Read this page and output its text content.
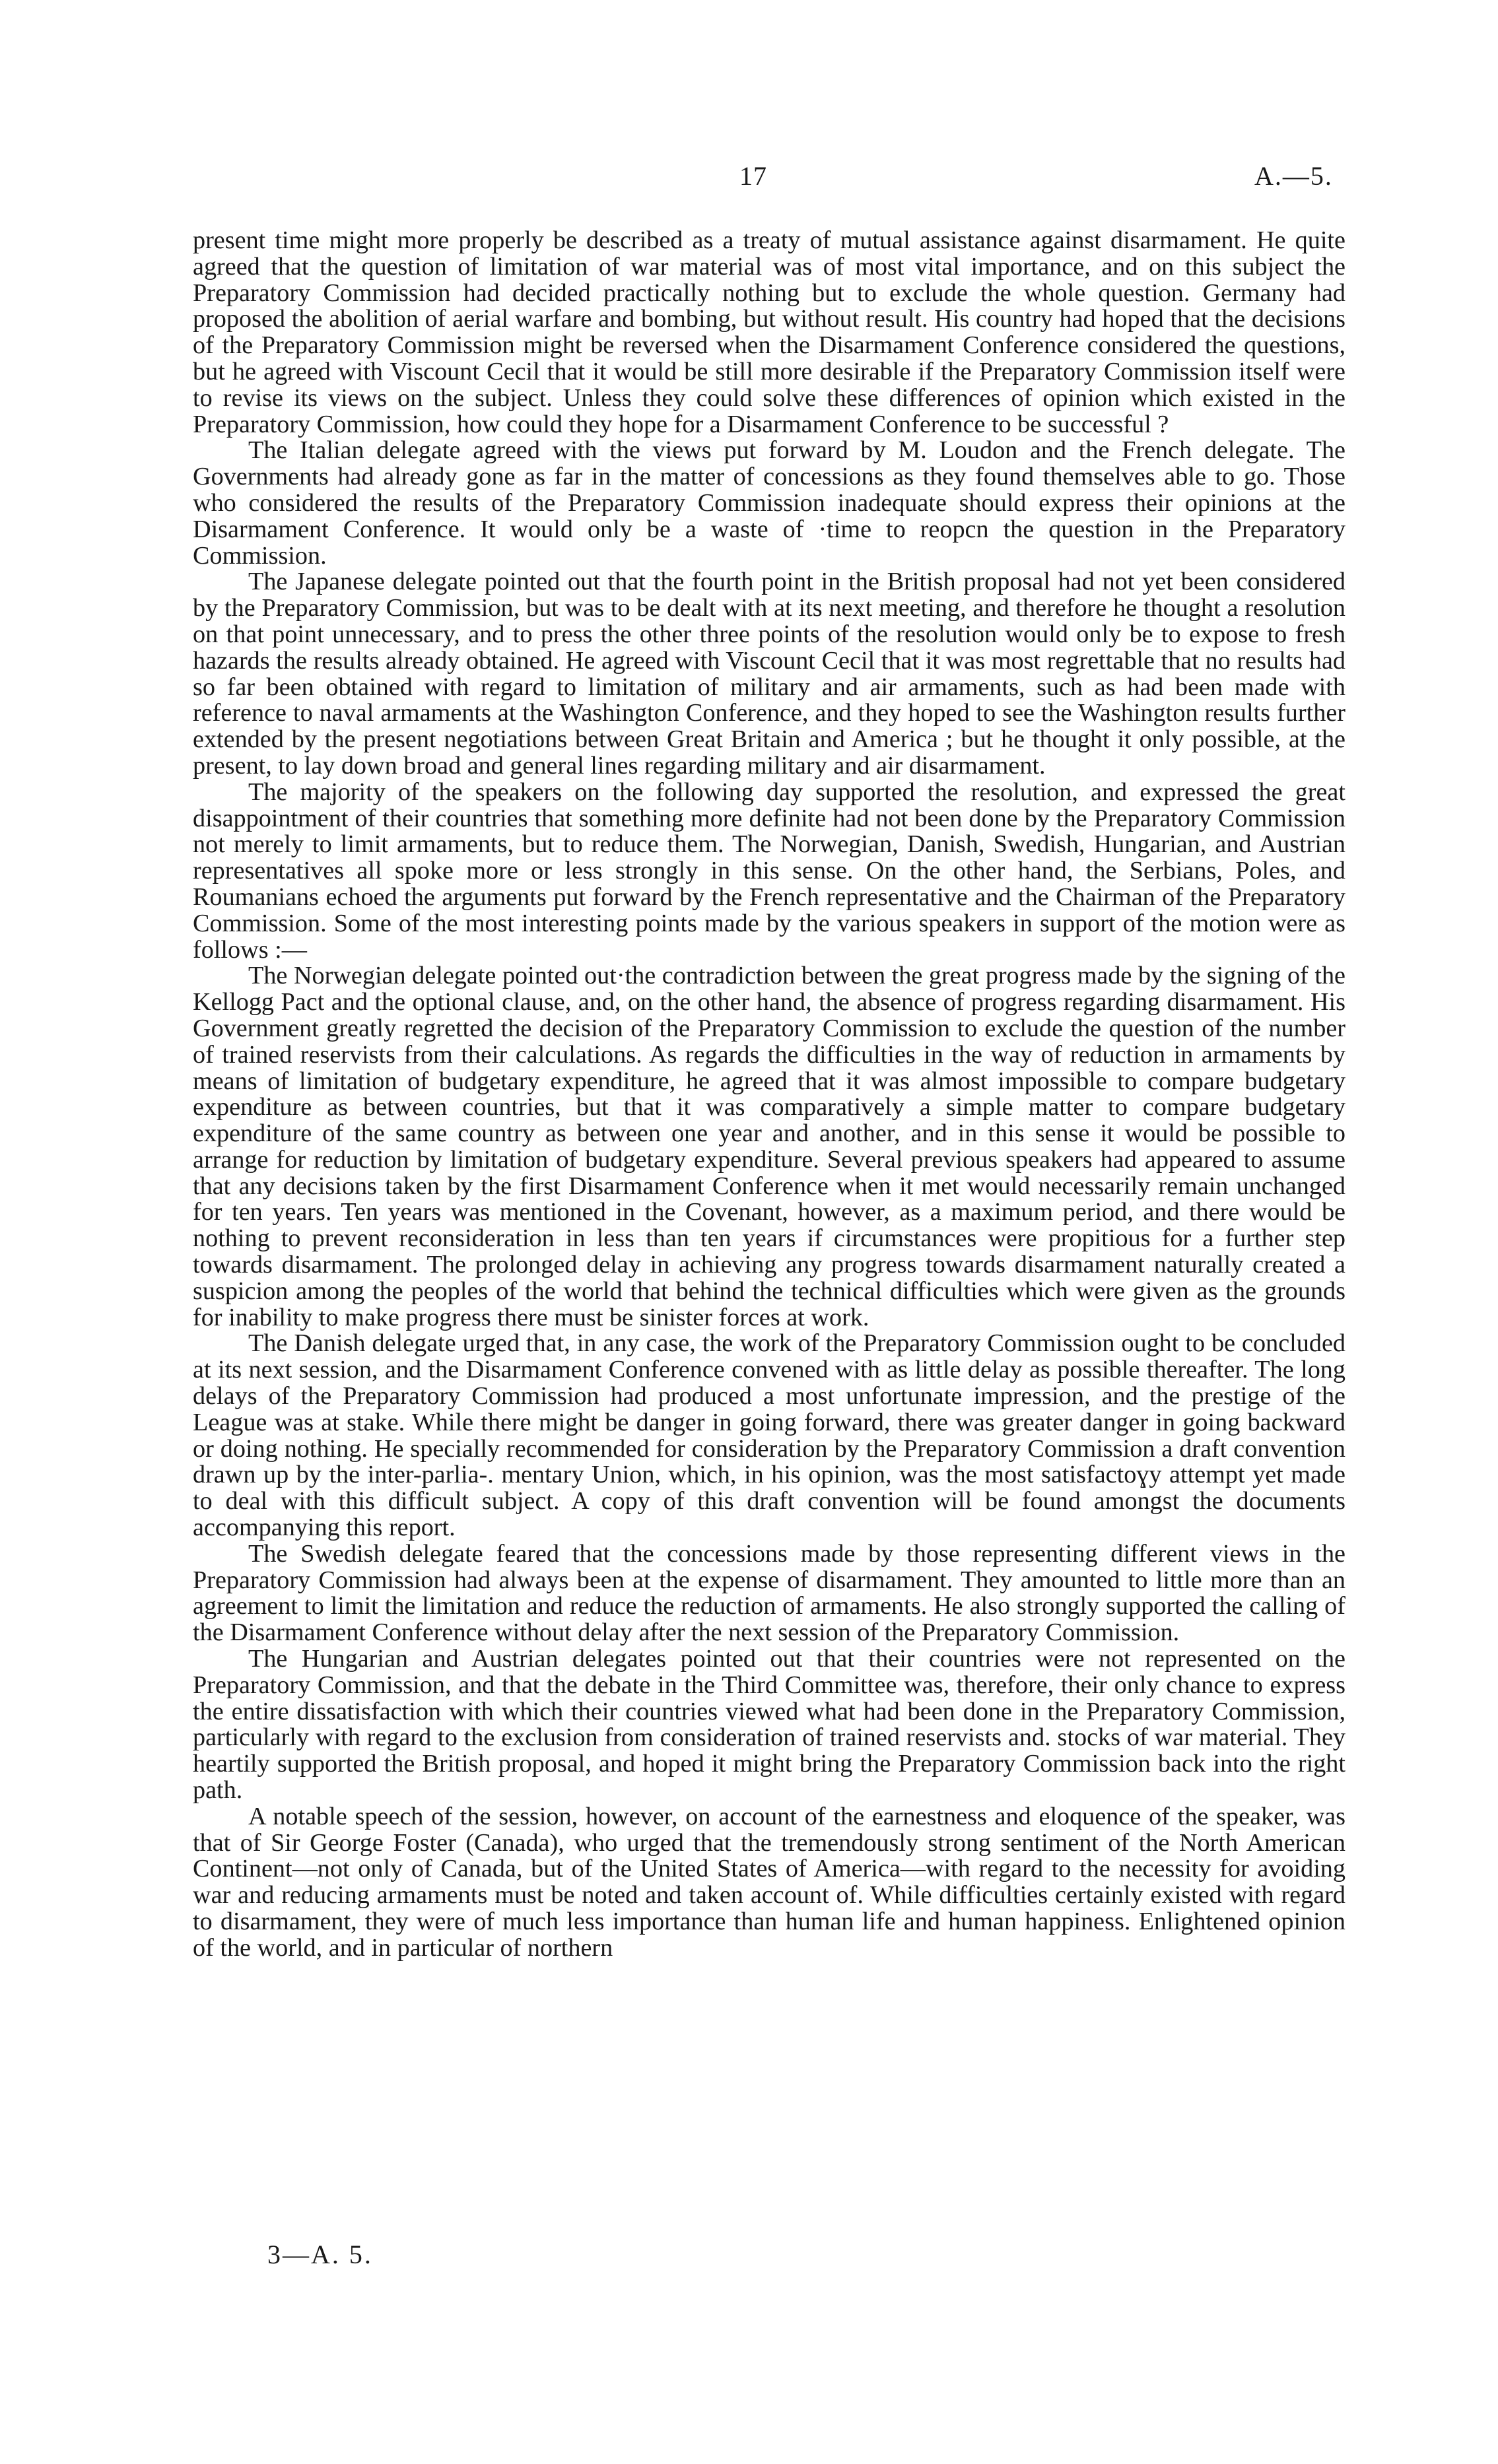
17	A.—5.

present time might more properly be described as a treaty of mutual assistance against disarmament. He quite agreed that the question of limitation of war material was of most vital importance, and on this subject the Preparatory Commission had decided practically nothing but to exclude the whole question. Germany had proposed the abolition of aerial warfare and bombing, but without result. His country had hoped that the decisions of the Preparatory Commission might be reversed when the Disarmament Conference considered the questions, but he agreed with Viscount Cecil that it would be still more desirable if the Preparatory Commission itself were to revise its views on the subject. Unless they could solve these differences of opinion which existed in the Preparatory Commission, how could they hope for a Disarmament Conference to be successful ?

The Italian delegate agreed with the views put forward by M. Loudon and the French delegate. The Governments had already gone as far in the matter of concessions as they found themselves able to go. Those who considered the results of the Preparatory Commission inadequate should express their opinions at the Disarmament Conference. It would only be a waste of ·time to reopcn the question in the Preparatory Commission.

The Japanese delegate pointed out that the fourth point in the British proposal had not yet been considered by the Preparatory Commission, but was to be dealt with at its next meeting, and therefore he thought a resolution on that point unnecessary, and to press the other three points of the resolution would only be to expose to fresh hazards the results already obtained. He agreed with Viscount Cecil that it was most regrettable that no results had so far been obtained with regard to limitation of military and air armaments, such as had been made with reference to naval armaments at the Washington Conference, and they hoped to see the Washington results further extended by the present negotiations between Great Britain and America ; but he thought it only possible, at the present, to lay down broad and general lines regarding military and air disarmament.

The majority of the speakers on the following day supported the resolution, and expressed the great disappointment of their countries that something more definite had not been done by the Preparatory Commission not merely to limit armaments, but to reduce them. The Norwegian, Danish, Swedish, Hungarian, and Austrian representatives all spoke more or less strongly in this sense. On the other hand, the Serbians, Poles, and Roumanians echoed the arguments put forward by the French representative and the Chairman of the Preparatory Commission. Some of the most interesting points made by the various speakers in support of the motion were as follows :—

The Norwegian delegate pointed out·the contradiction between the great progress made by the signing of the Kellogg Pact and the optional clause, and, on the other hand, the absence of progress regarding disarmament. His Government greatly regretted the decision of the Preparatory Commission to exclude the question of the number of trained reservists from their calculations. As regards the difficulties in the way of reduction in armaments by means of limitation of budgetary expenditure, he agreed that it was almost impossible to compare budgetary expenditure as between countries, but that it was comparatively a simple matter to compare budgetary expenditure of the same country as between one year and another, and in this sense it would be possible to arrange for reduction by limitation of budgetary expenditure. Several previous speakers had appeared to assume that any decisions taken by the first Disarmament Conference when it met would necessarily remain unchanged for ten years. Ten years was mentioned in the Covenant, however, as a maximum period, and there would be nothing to prevent reconsideration in less than ten years if circumstances were propitious for a further step towards disarmament. The prolonged delay in achieving any progress towards disarmament naturally created a suspicion among the peoples of the world that behind the technical difficulties which were given as the grounds for inability to make progress there must be sinister forces at work.

The Danish delegate urged that, in any case, the work of the Preparatory Commission ought to be concluded at its next session, and the Disarmament Conference convened with as little delay as possible thereafter. The long delays of the Preparatory Commission had produced a most unfortunate impression, and the prestige of the League was at stake. While there might be danger in going forward, there was greater danger in going backward or doing nothing. He specially recommended for consideration by the Preparatory Commission a draft convention drawn up by the inter-parlia-. mentary Union, which, in his opinion, was the most satisfactoɣy attempt yet made to deal with this difficult subject. A copy of this draft convention will be found amongst the documents accompanying this report.

The Swedish delegate feared that the concessions made by those representing different views in the Preparatory Commission had always been at the expense of disarmament. They amounted to little more than an agreement to limit the limitation and reduce the reduction of armaments. He also strongly supported the calling of the Disarmament Conference without delay after the next session of the Preparatory Commission.

The Hungarian and Austrian delegates pointed out that their countries were not represented on the Preparatory Commission, and that the debate in the Third Committee was, therefore, their only chance to express the entire dissatisfaction with which their countries viewed what had been done in the Preparatory Commission, particularly with regard to the exclusion from consideration of trained reservists and. stocks of war material. They heartily supported the British proposal, and hoped it might bring the Preparatory Commission back into the right path.

A notable speech of the session, however, on account of the earnestness and eloquence of the speaker, was that of Sir George Foster (Canada), who urged that the tremendously strong sentiment of the North American Continent—not only of Canada, but of the United States of America—with regard to the necessity for avoiding war and reducing armaments must be noted and taken account of. While difficulties certainly existed with regard to disarmament, they were of much less importance than human life and human happiness. Enlightened opinion of the world, and in particular of northern

3—A. 5.
